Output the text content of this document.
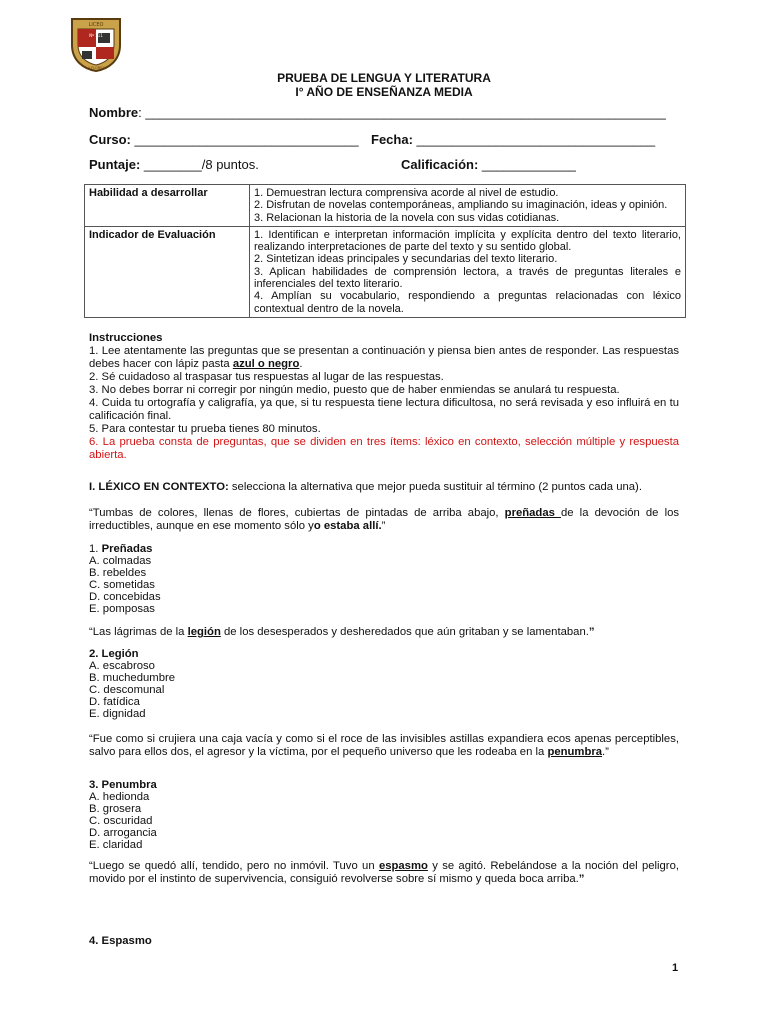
LICEO
Nº 111
LA FLORIDA
PRUEBA DE LENGUA Y LITERATURA
I° AÑO DE ENSEÑANZA MEDIA
Nombre: ________________________________________________________________________
Curso: _______________________________ Fecha: _________________________________
Puntaje: ________/8 puntos.	Calificación: _____________
Habilidad a desarrollar	1. Demuestran lectura comprensiva acorde al nivel de estudio.
2. Disfrutan de novelas contemporáneas, ampliando su imaginación, ideas y opinión.
3. Relacionan la historia de la novela con sus vidas cotidianas.

Indicador de Evaluación	1. Identifican e interpretan información implícita y explícita dentro del texto literario, realizando interpretaciones de parte del texto y su sentido global.
2. Sintetizan ideas principales y secundarias del texto literario.
3. Aplican habilidades de comprensión lectora, a través de preguntas literales e inferenciales del texto literario.
4. Amplían su vocabulario, respondiendo a preguntas relacionadas con léxico contextual dentro de la novela.
Instrucciones
1. Lee atentamente las preguntas que se presentan a continuación y piensa bien antes de responder. Las respuestas debes hacer con lápiz pasta azul o negro.
2. Sé cuidadoso al traspasar tus respuestas al lugar de las respuestas.
3. No debes borrar ni corregir por ningún medio, puesto que de haber enmiendas se anulará tu respuesta.
4. Cuida tu ortografía y caligrafía, ya que, si tu respuesta tiene lectura dificultosa, no será revisada y eso influirá en tu calificación final.
5. Para contestar tu prueba tienes 80 minutos.
6. La prueba consta de preguntas, que se dividen en tres ítems: léxico en contexto, selección múltiple y respuesta abierta.
I. LÉXICO EN CONTEXTO: selecciona la alternativa que mejor pueda sustituir al término (2 puntos cada una).
“Tumbas de colores, llenas de flores, cubiertas de pintadas de arriba abajo, preñadas de la devoción de los irreductibles, aunque en ese momento sólo yo estaba allí.”
1. Preñadas
A. colmadas
B. rebeldes
C. sometidas
D. concebidas
E. pomposas
“Las lágrimas de la legión de los desesperados y desheredados que aún gritaban y se lamentaban.”
2. Legión
A. escabroso
B. muchedumbre
C. descomunal
D. fatídica
E. dignidad
“Fue como si crujiera una caja vacía y como si el roce de las invisibles astillas expandiera ecos apenas perceptibles, salvo para ellos dos, el agresor y la víctima, por el pequeño universo que les rodeaba en la penumbra.”
3. Penumbra
A. hedionda
B. grosera
C. oscuridad
D. arrogancia
E. claridad
“Luego se quedó allí, tendido, pero no inmóvil. Tuvo un espasmo y se agitó. Rebelándose a la noción del peligro, movido por el instinto de supervivencia, consiguió revolverse sobre sí mismo y queda boca arriba.”
4. Espasmo
1
